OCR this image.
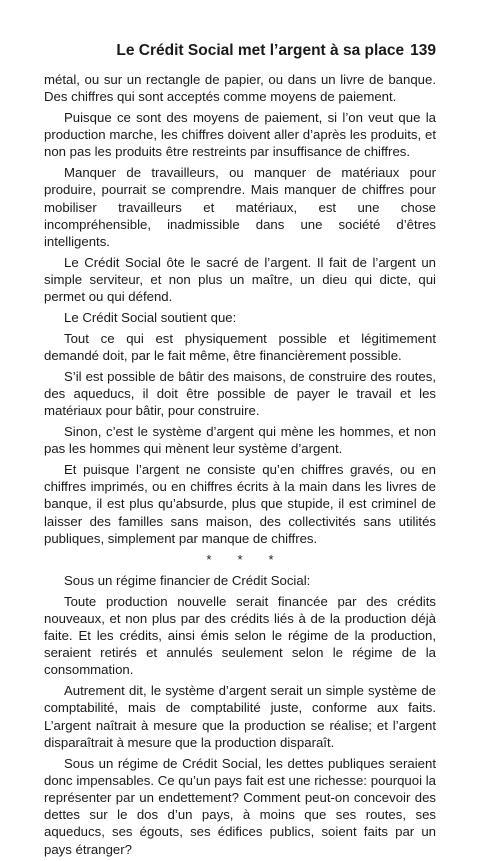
Le Crédit Social met l’argent à sa place 139

métal, ou sur un rectangle de papier, ou dans un livre de banque. Des chiffres qui sont acceptés comme moyens de paiement.

Puisque ce sont des moyens de paiement, si l’on veut que la production marche, les chiffres doivent aller d’après les produits, et non pas les produits être restreints par insuffisance de chiffres.

Manquer de travailleurs, ou manquer de matériaux pour produire, pourrait se comprendre. Mais manquer de chiffres pour mobiliser travailleurs et matériaux, est une chose incompréhensible, inadmissible dans une société d’êtres intelligents.

Le Crédit Social ôte le sacré de l’argent. Il fait de l’argent un simple serviteur, et non plus un maître, un dieu qui dicte, qui permet ou qui défend.

Le Crédit Social soutient que:

Tout ce qui est physiquement possible et légitimement demandé doit, par le fait même, être financièrement possible.

S’il est possible de bâtir des maisons, de construire des routes, des aqueducs, il doit être possible de payer le travail et les matériaux pour bâtir, pour construire.

Sinon, c’est le système d’argent qui mène les hommes, et non pas les hommes qui mènent leur système d’argent.

Et puisque l’argent ne consiste qu’en chiffres gravés, ou en chiffres imprimés, ou en chiffres écrits à la main dans les livres de banque, il est plus qu’absurde, plus que stupide, il est criminel de laisser des familles sans maison, des collectivités sans utilités publiques, simplement par manque de chiffres.

* * *

Sous un régime financier de Crédit Social:

Toute production nouvelle serait financée par des crédits nouveaux, et non plus par des crédits liés à de la production déjà faite. Et les crédits, ainsi émis selon le régime de la production, seraient retirés et annulés seulement selon le régime de la consommation.

Autrement dit, le système d’argent serait un simple système de comptabilité, mais de comptabilité juste, conforme aux faits. L’argent naîtrait à mesure que la production se réalise; et l’argent disparaîtrait à mesure que la production disparaît.

Sous un régime de Crédit Social, les dettes publiques seraient donc impensables. Ce qu’un pays fait est une richesse: pourquoi la représenter par un endettement? Comment peut-on concevoir des dettes sur le dos d’un pays, à moins que ses routes, ses aqueducs, ses égouts, ses édifices publics, soient faits par un pays étranger?
